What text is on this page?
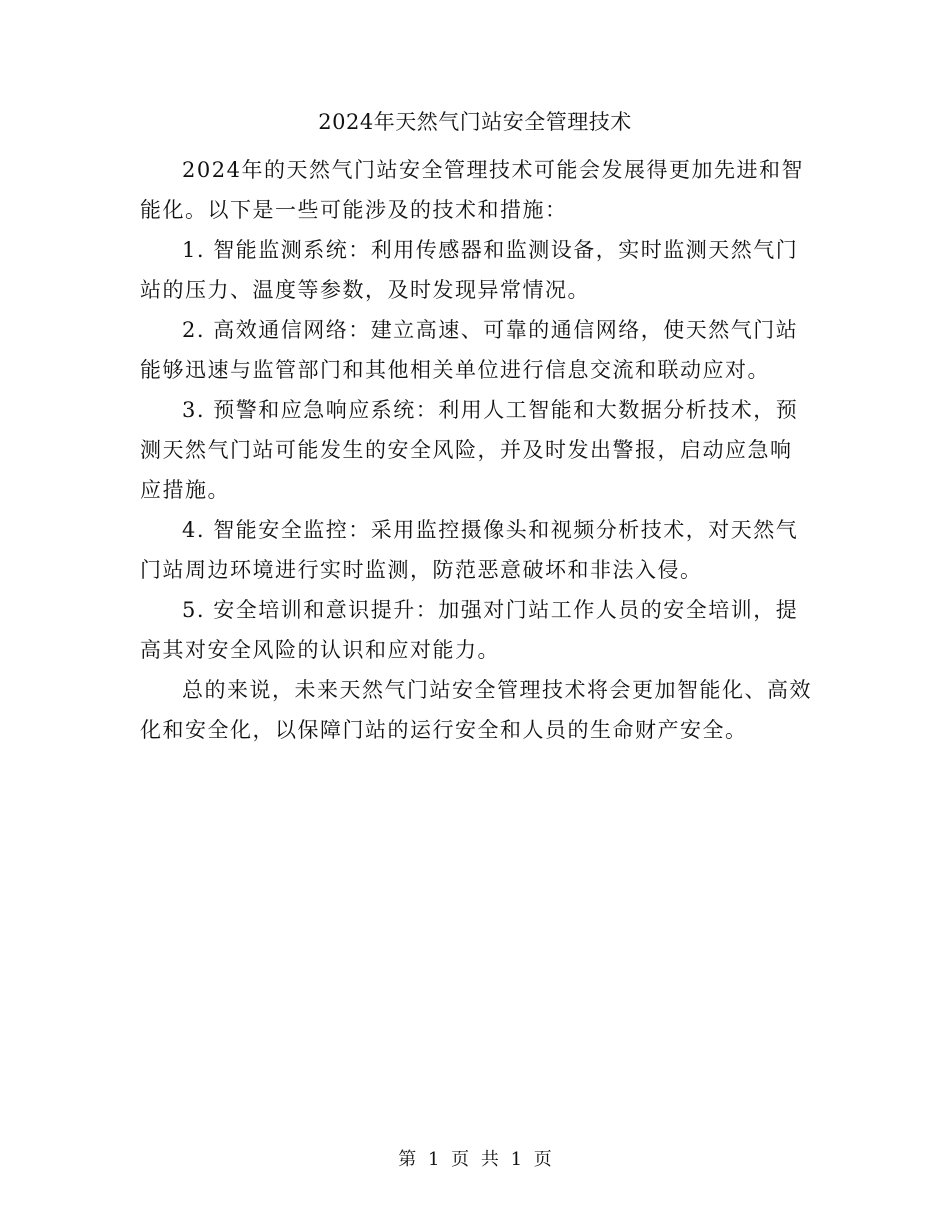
2024年天然气门站安全管理技术

2024年的天然气门站安全管理技术可能会发展得更加先进和智能化。以下是一些可能涉及的技术和措施：

1. 智能监测系统：利用传感器和监测设备，实时监测天然气门站的压力、温度等参数，及时发现异常情况。

2. 高效通信网络：建立高速、可靠的通信网络，使天然气门站能够迅速与监管部门和其他相关单位进行信息交流和联动应对。

3. 预警和应急响应系统：利用人工智能和大数据分析技术，预测天然气门站可能发生的安全风险，并及时发出警报，启动应急响应措施。

4. 智能安全监控：采用监控摄像头和视频分析技术，对天然气门站周边环境进行实时监测，防范恶意破坏和非法入侵。

5. 安全培训和意识提升：加强对门站工作人员的安全培训，提高其对安全风险的认识和应对能力。

总的来说，未来天然气门站安全管理技术将会更加智能化、高效化和安全化，以保障门站的运行安全和人员的生命财产安全。

第 1 页 共 1 页
